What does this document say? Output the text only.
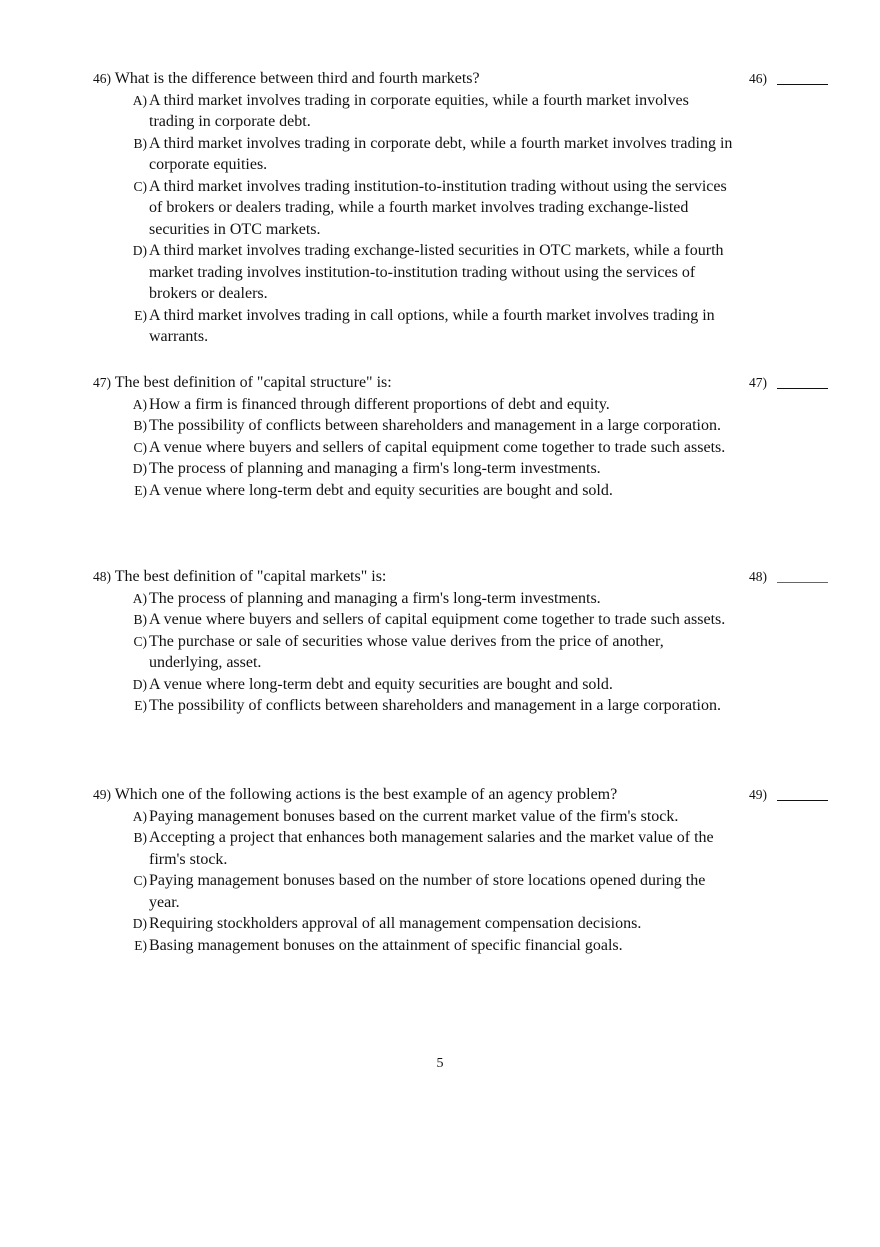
46) What is the difference between third and fourth markets?
A) A third market involves trading in corporate equities, while a fourth market involves trading in corporate debt.
B) A third market involves trading in corporate debt, while a fourth market involves trading in corporate equities.
C) A third market involves trading institution-to-institution trading without using the services of brokers or dealers trading, while a fourth market involves trading exchange-listed securities in OTC markets.
D) A third market involves trading exchange-listed securities in OTC markets, while a fourth market trading involves institution-to-institution trading without using the services of brokers or dealers.
E) A third market involves trading in call options, while a fourth market involves trading in warrants.
46)
47) The best definition of "capital structure" is:
A) How a firm is financed through different proportions of debt and equity.
B) The possibility of conflicts between shareholders and management in a large corporation.
C) A venue where buyers and sellers of capital equipment come together to trade such assets.
D) The process of planning and managing a firm's long-term investments.
E) A venue where long-term debt and equity securities are bought and sold.
47)
48) The best definition of "capital markets" is:
A) The process of planning and managing a firm's long-term investments.
B) A venue where buyers and sellers of capital equipment come together to trade such assets.
C) The purchase or sale of securities whose value derives from the price of another, underlying, asset.
D) A venue where long-term debt and equity securities are bought and sold.
E) The possibility of conflicts between shareholders and management in a large corporation.
48)
49) Which one of the following actions is the best example of an agency problem?
A) Paying management bonuses based on the current market value of the firm's stock.
B) Accepting a project that enhances both management salaries and the market value of the firm's stock.
C) Paying management bonuses based on the number of store locations opened during the year.
D) Requiring stockholders approval of all management compensation decisions.
E) Basing management bonuses on the attainment of specific financial goals.
49)
5
